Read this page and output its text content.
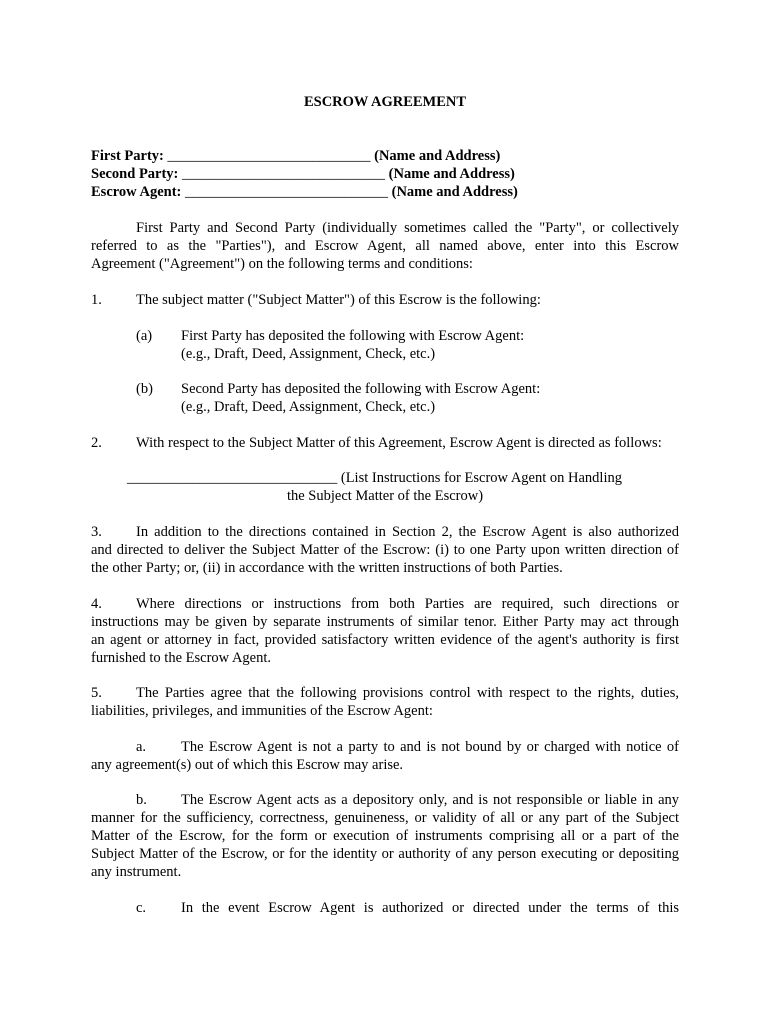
ESCROW AGREEMENT
First Party: ____________________________ (Name and Address)
Second Party: ____________________________ (Name and Address)
Escrow Agent: ____________________________ (Name and Address)
First Party and Second Party (individually sometimes called the "Party", or collectively
referred to as the "Parties"), and Escrow Agent, all named above, enter into this Escrow
Agreement ("Agreement") on the following terms and conditions:
1. The subject matter ("Subject Matter") of this Escrow is the following:
(a) First Party has deposited the following with Escrow Agent:
(e.g., Draft, Deed, Assignment, Check, etc.)
(b) Second Party has deposited the following with Escrow Agent:
(e.g., Draft, Deed, Assignment, Check, etc.)
2. With respect to the Subject Matter of this Agreement, Escrow Agent is directed as follows:
_____________________________ (List Instructions for Escrow Agent on Handling
the Subject Matter of the Escrow)
3. In addition to the directions contained in Section 2, the Escrow Agent is also authorized
and directed to deliver the Subject Matter of the Escrow: (i) to one Party upon written direction of
the other Party; or, (ii) in accordance with the written instructions of both Parties.
4. Where directions or instructions from both Parties are required, such directions or
instructions may be given by separate instruments of similar tenor. Either Party may act through
an agent or attorney in fact, provided satisfactory written evidence of the agent's authority is first
furnished to the Escrow Agent.
5. The Parties agree that the following provisions control with respect to the rights, duties,
liabilities, privileges, and immunities of the Escrow Agent:
a. The Escrow Agent is not a party to and is not bound by or charged with notice of
any agreement(s) out of which this Escrow may arise.
b. The Escrow Agent acts as a depository only, and is not responsible or liable in any
manner for the sufficiency, correctness, genuineness, or validity of all or any part of the Subject
Matter of the Escrow, for the form or execution of instruments comprising all or a part of the
Subject Matter of the Escrow, or for the identity or authority of any person executing or depositing
any instrument.
c. In the event Escrow Agent is authorized or directed under the terms of this
